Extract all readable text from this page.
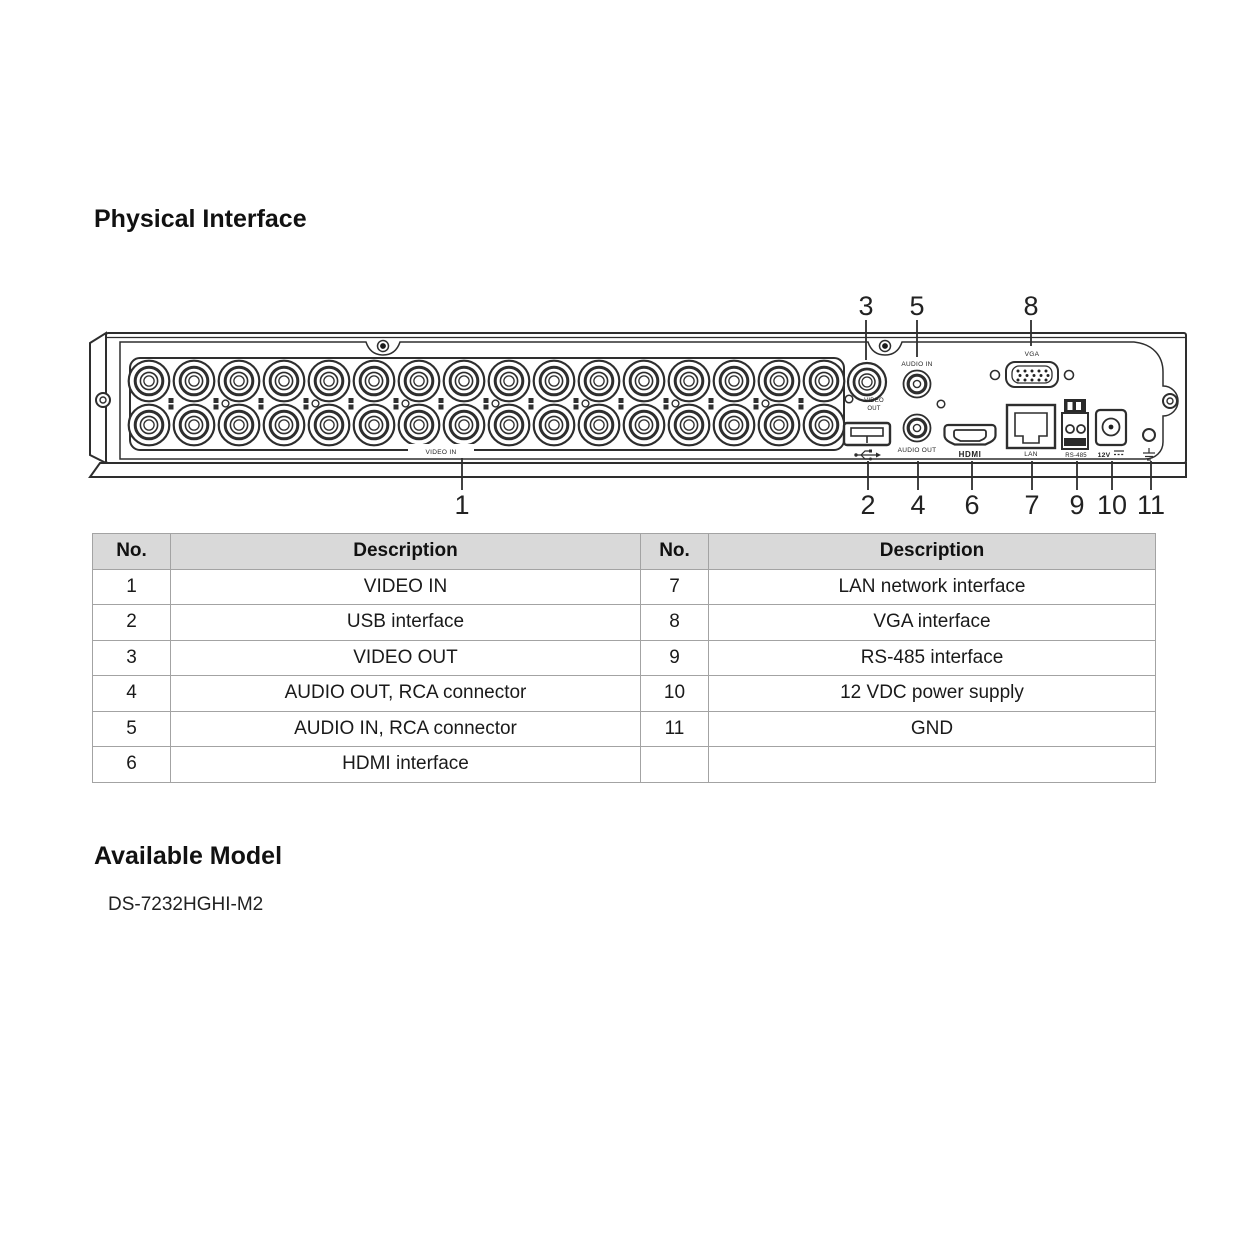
Physical Interface
VIDEO IN
VIDEO
OUT
AUDIO IN
AUDIO OUT	HDMI
VGA
LAN	RS-485 12V
3 5	8
1	2 4 6 7 9 10 11
No.	Description	No.	Description
1	VIDEO IN	7	LAN network interface
2	USB interface	8	VGA interface
3	VIDEO OUT	9	RS-485 interface
4	AUDIO OUT, RCA connector	10	12 VDC power supply
5	AUDIO IN, RCA connector	11	GND
6	HDMI interface		
Available Model

DS-7232HGHI-M2
